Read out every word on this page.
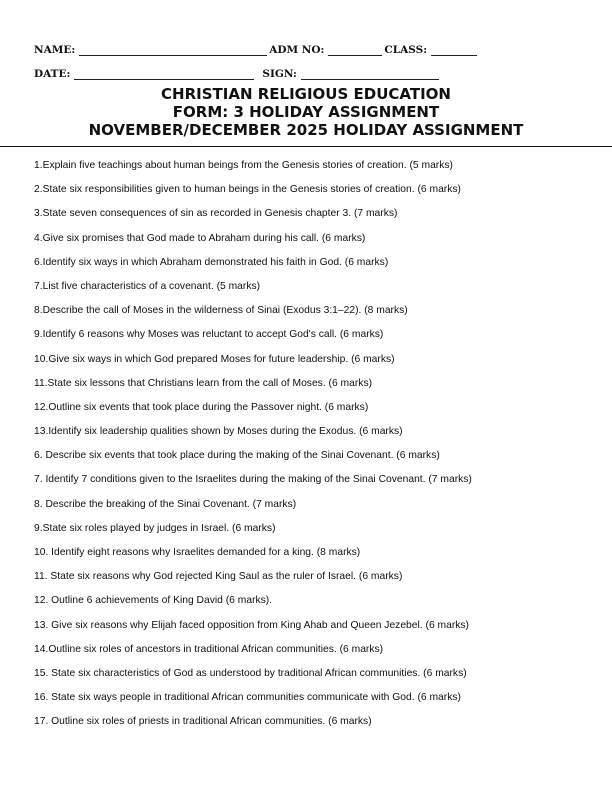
NAME:	ADM NO:	CLASS:
DATE:	SIGN:
CHRISTIAN RELIGIOUS EDUCATION
FORM: 3 HOLIDAY ASSIGNMENT
NOVEMBER/DECEMBER 2025 HOLIDAY ASSIGNMENT
1.Explain five teachings about human beings from the Genesis stories of creation. (5 marks)
2.State six responsibilities given to human beings in the Genesis stories of creation. (6 marks)
3.State seven consequences of sin as recorded in Genesis chapter 3. (7 marks)
4.Give six promises that God made to Abraham during his call. (6 marks)
6.Identify six ways in which Abraham demonstrated his faith in God. (6 marks)
7.List five characteristics of a covenant. (5 marks)
8.Describe the call of Moses in the wilderness of Sinai (Exodus 3:1–22). (8 marks)
9.Identify 6 reasons why Moses was reluctant to accept God's call. (6 marks)
10.Give six ways in which God prepared Moses for future leadership. (6 marks)
11.State six lessons that Christians learn from the call of Moses. (6 marks)
12.Outline six events that took place during the Passover night. (6 marks)
13.Identify six leadership qualities shown by Moses during the Exodus. (6 marks)
6. Describe six events that took place during the making of the Sinai Covenant. (6 marks)
7. Identify 7 conditions given to the Israelites during the making of the Sinai Covenant. (7 marks)
8. Describe the breaking of the Sinai Covenant. (7 marks)
9.State six roles played by judges in Israel. (6 marks)
10. Identify eight reasons why Israelites demanded for a king. (8 marks)
11. State six reasons why God rejected King Saul as the ruler of Israel. (6 marks)
12. Outline 6 achievements of King David (6 marks).
13. Give six reasons why Elijah faced opposition from King Ahab and Queen Jezebel. (6 marks)
14.Outline six roles of ancestors in traditional African communities. (6 marks)
15. State six characteristics of God as understood by traditional African communities. (6 marks)
16. State six ways people in traditional African communities communicate with God. (6 marks)
17. Outline six roles of priests in traditional African communities. (6 marks)
